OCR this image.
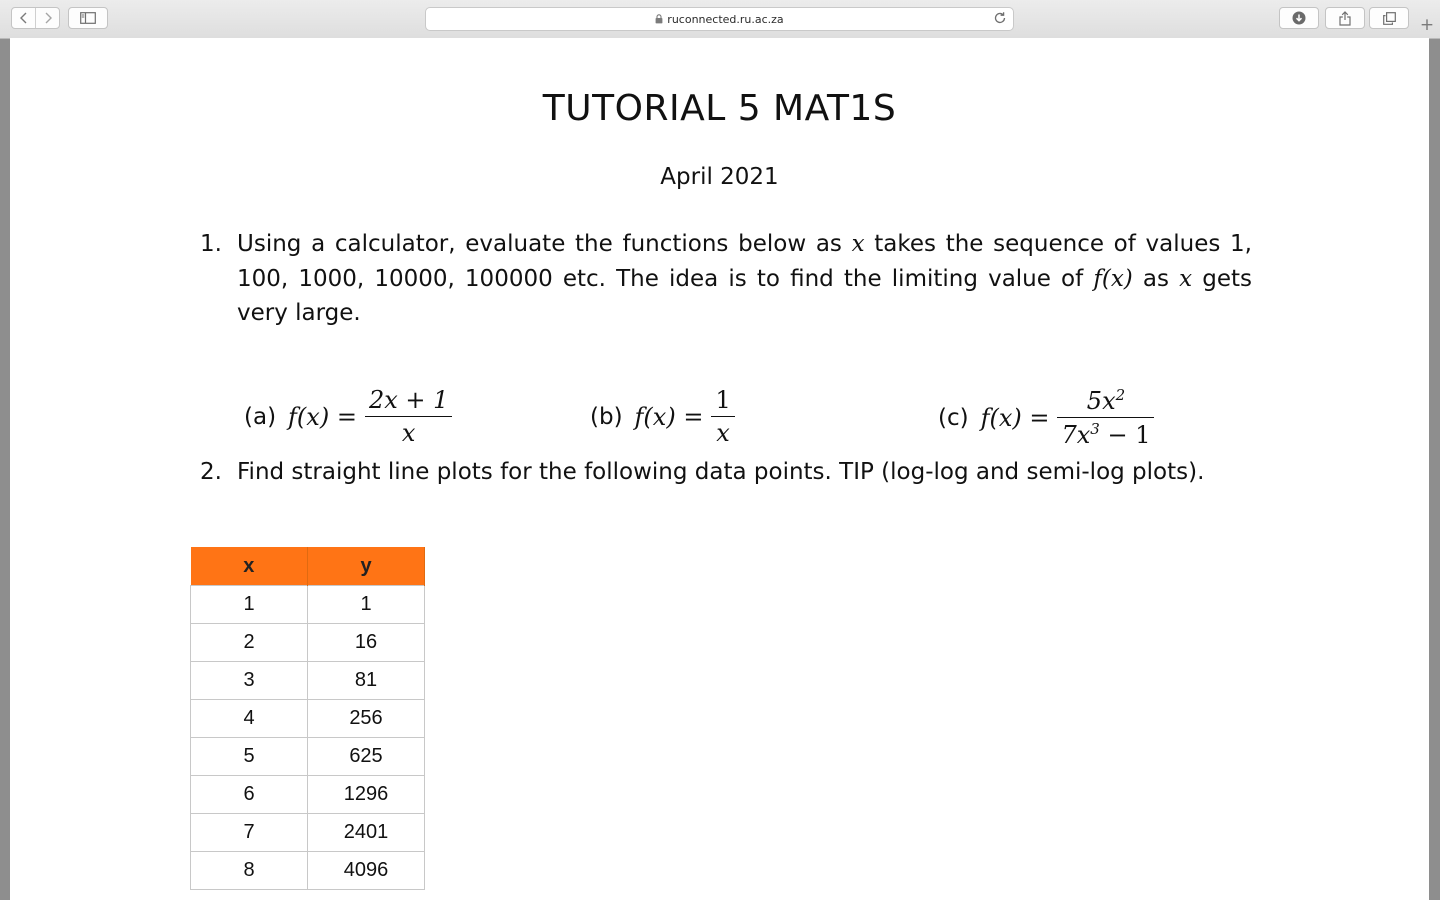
ruconnected.ru.ac.za	+
TUTORIAL 5 MAT1S
April 2021
1. Using a calculator, evaluate the functions below as x takes the sequence of values 1,
100, 1000, 10000, 100000 etc. The idea is to find the limiting value of f(x) as x gets
very large.
(a) $f(x) = \frac{2x + 1}{x}$	(b) $f(x) = \frac{1}{x}$	(c) $f(x) = \frac{5x^2}{7x^3 - 1}$
2. Find straight line plots for the following data points. TIP (log-log and semi-log plots).
x	y
1	1
2	16
3	81
4	256
5	625
6	1296
7	2401
8	4096
